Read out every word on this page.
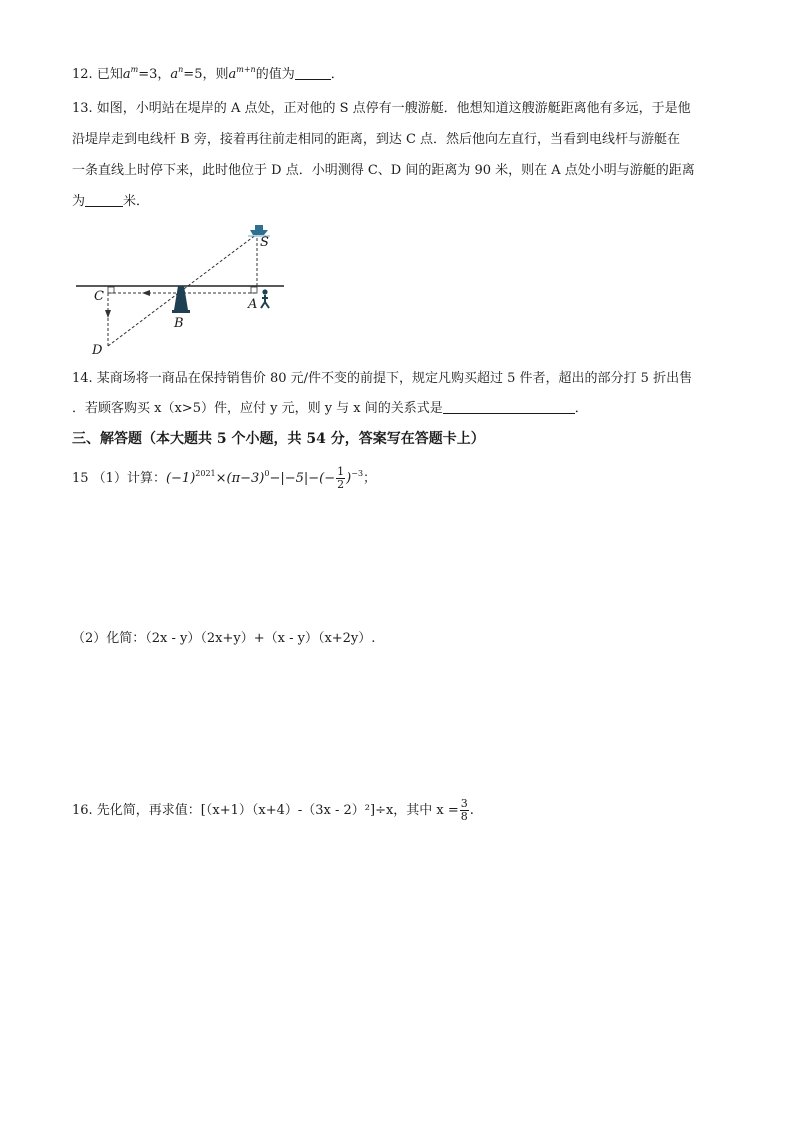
12. 已知$a^m=3$，$a^n=5$，则$a^{m+n}$的值为	．
13. 如图，小明站在堤岸的 A 点处，正对他的 S 点停有一艘游艇．他想知道这艘游艇距离他有多远，于是他
沿堤岸走到电线杆 B 旁，接着再往前走相同的距离，到达 C 点．然后他向左直行，当看到电线杆与游艇在
一条直线上时停下来，此时他位于 D 点．小明测得 C、D 间的距离为 90 米，则在 A 点处小明与游艇的距离
为	米．
S
C
B
A
D
14. 某商场将一商品在保持销售价 80 元/件不变的前提下，规定凡购买超过 5 件者，超出的部分打 5 折出售
．若顾客购买 x（x>5）件，应付 y 元，则 y 与 x 间的关系式是	．
三、解答题（本大题共 5 个小题，共 54 分，答案写在答题卡上）
15 （1）计算：$(-1)^{2021}\times(\pi-3)^0-|-5|-(- \frac{1}{2} )^{-3}$；
（2）化简：（2x - y）（2x+y）+（x - y）（x+2y）.
16. 先化简，再求值：[（x+1）（x+4）-（3x - 2）²]÷x，其中 $x = \frac{3}{8}$ .
